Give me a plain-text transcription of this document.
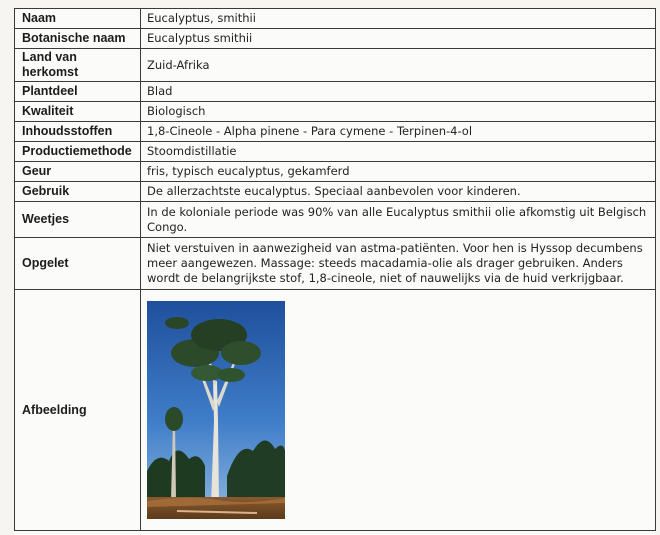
Naam	Eucalyptus, smithii
Botanische naam	Eucalyptus smithii
Land van herkomst	Zuid-Afrika
Plantdeel	Blad
Kwaliteit	Biologisch
Inhoudsstoffen	1,8-Cineole - Alpha pinene - Para cymene - Terpinen-4-ol
Productiemethode	Stoomdistillatie
Geur	fris, typisch eucalyptus, gekamferd
Gebruik	De allerzachtste eucalyptus. Speciaal aanbevolen voor kinderen.
Weetjes	In de koloniale periode was 90% van alle Eucalyptus smithii olie afkomstig uit Belgisch Congo.
Opgelet	Niet verstuiven in aanwezigheid van astma-patiënten. Voor hen is Hyssop decumbens meer aangewezen. Massage: steeds macadamia-olie als drager gebruiken. Anders wordt de belangrijkste stof, 1,8-cineole, niet of nauwelijks via de huid verkrijgbaar.
Afbeelding	
